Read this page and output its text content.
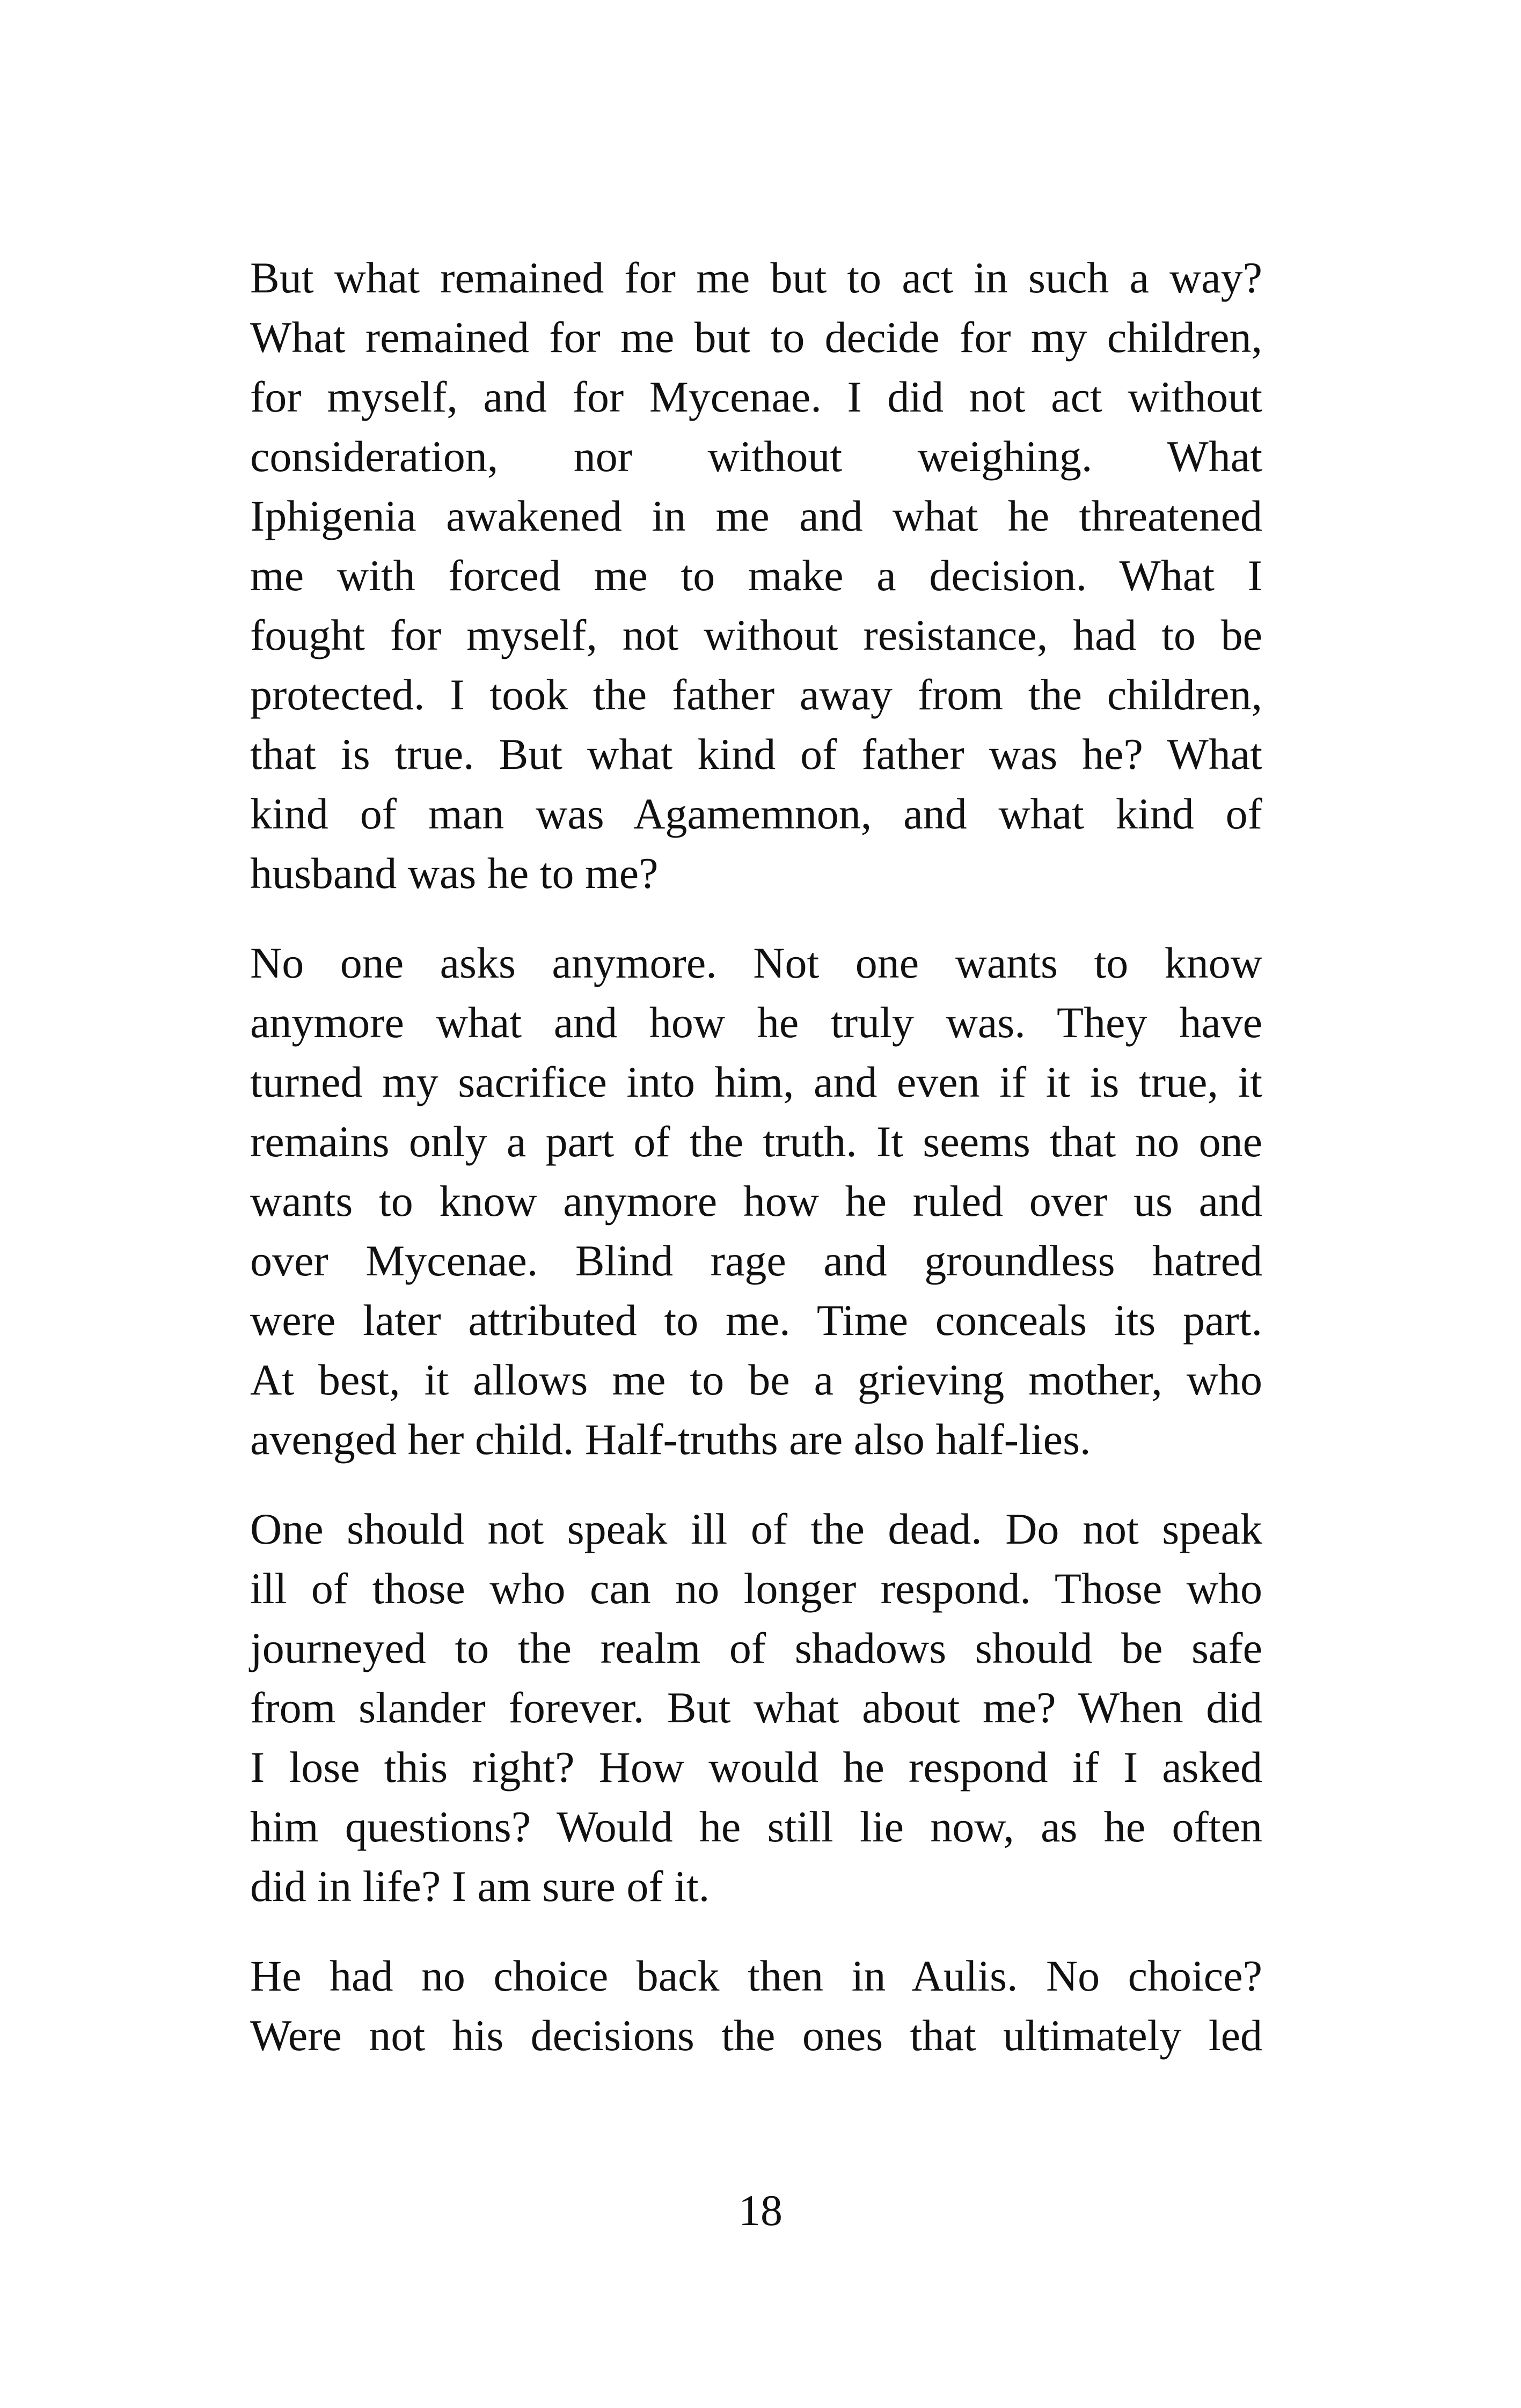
But what remained for me but to act in such a way?
What remained for me but to decide for my children,
for myself, and for Mycenae. I did not act without
consideration, nor without weighing. What
Iphigenia awakened in me and what he threatened
me with forced me to make a decision. What I
fought for myself, not without resistance, had to be
protected. I took the father away from the children,
that is true. But what kind of father was he? What
kind of man was Agamemnon, and what kind of
husband was he to me?

No one asks anymore. Not one wants to know
anymore what and how he truly was. They have
turned my sacrifice into him, and even if it is true, it
remains only a part of the truth. It seems that no one
wants to know anymore how he ruled over us and
over Mycenae. Blind rage and groundless hatred
were later attributed to me. Time conceals its part.
At best, it allows me to be a grieving mother, who
avenged her child. Half-truths are also half-lies.

One should not speak ill of the dead. Do not speak
ill of those who can no longer respond. Those who
journeyed to the realm of shadows should be safe
from slander forever. But what about me? When did
I lose this right? How would he respond if I asked
him questions? Would he still lie now, as he often
did in life? I am sure of it.

He had no choice back then in Aulis. No choice?
Were not his decisions the ones that ultimately led

18
